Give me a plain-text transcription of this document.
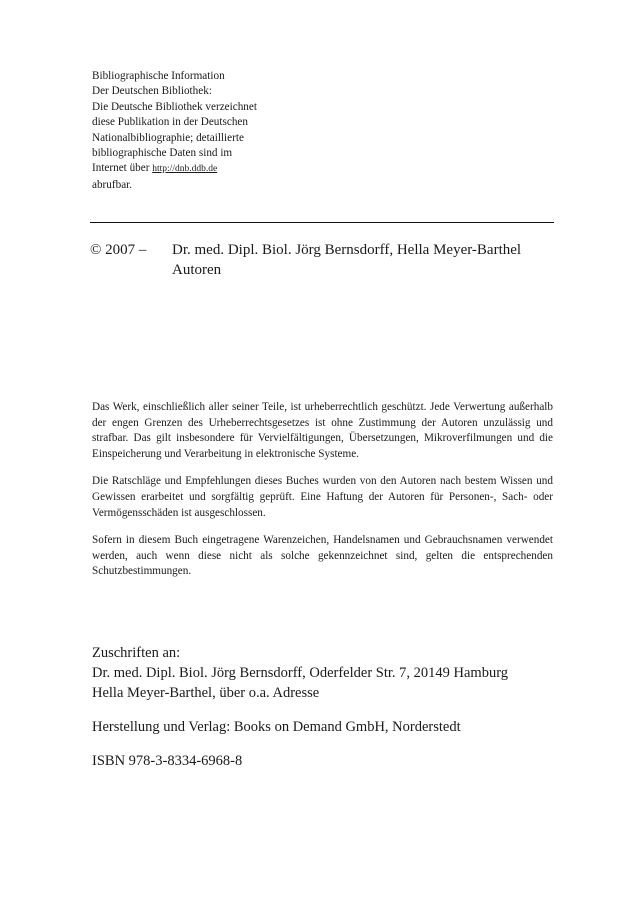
Bibliographische Information
Der Deutschen Bibliothek:
Die Deutsche Bibliothek verzeichnet
diese Publikation in der Deutschen
Nationalbibliographie; detaillierte
bibliographische Daten sind im
Internet über http://dnb.ddb.de
abrufbar.
© 2007 – Dr. med. Dipl. Biol. Jörg Bernsdorff, Hella Meyer-Barthel
Autoren

Das Werk, einschließlich aller seiner Teile, ist urheberrechtlich geschützt. Jede Verwertung außerhalb der engen Grenzen des Urheberrechtsgesetzes ist ohne Zustimmung der Autoren unzulässig und strafbar. Das gilt insbesondere für Vervielfältigungen, Übersetzungen, Mikroverfilmungen und die Einspeicherung und Verarbeitung in elektronische Systeme.

Die Ratschläge und Empfehlungen dieses Buches wurden von den Autoren nach bestem Wissen und Gewissen erarbeitet und sorgfältig geprüft. Eine Haftung der Autoren für Personen-, Sach- oder Vermögensschäden ist ausgeschlossen.

Sofern in diesem Buch eingetragene Warenzeichen, Handelsnamen und Gebrauchsnamen verwendet werden, auch wenn diese nicht als solche gekennzeichnet sind, gelten die entsprechenden Schutzbestimmungen.

Zuschriften an:
Dr. med. Dipl. Biol. Jörg Bernsdorff, Oderfelder Str. 7, 20149 Hamburg
Hella Meyer-Barthel, über o.a. Adresse
Herstellung und Verlag: Books on Demand GmbH, Norderstedt
ISBN 978-3-8334-6968-8
